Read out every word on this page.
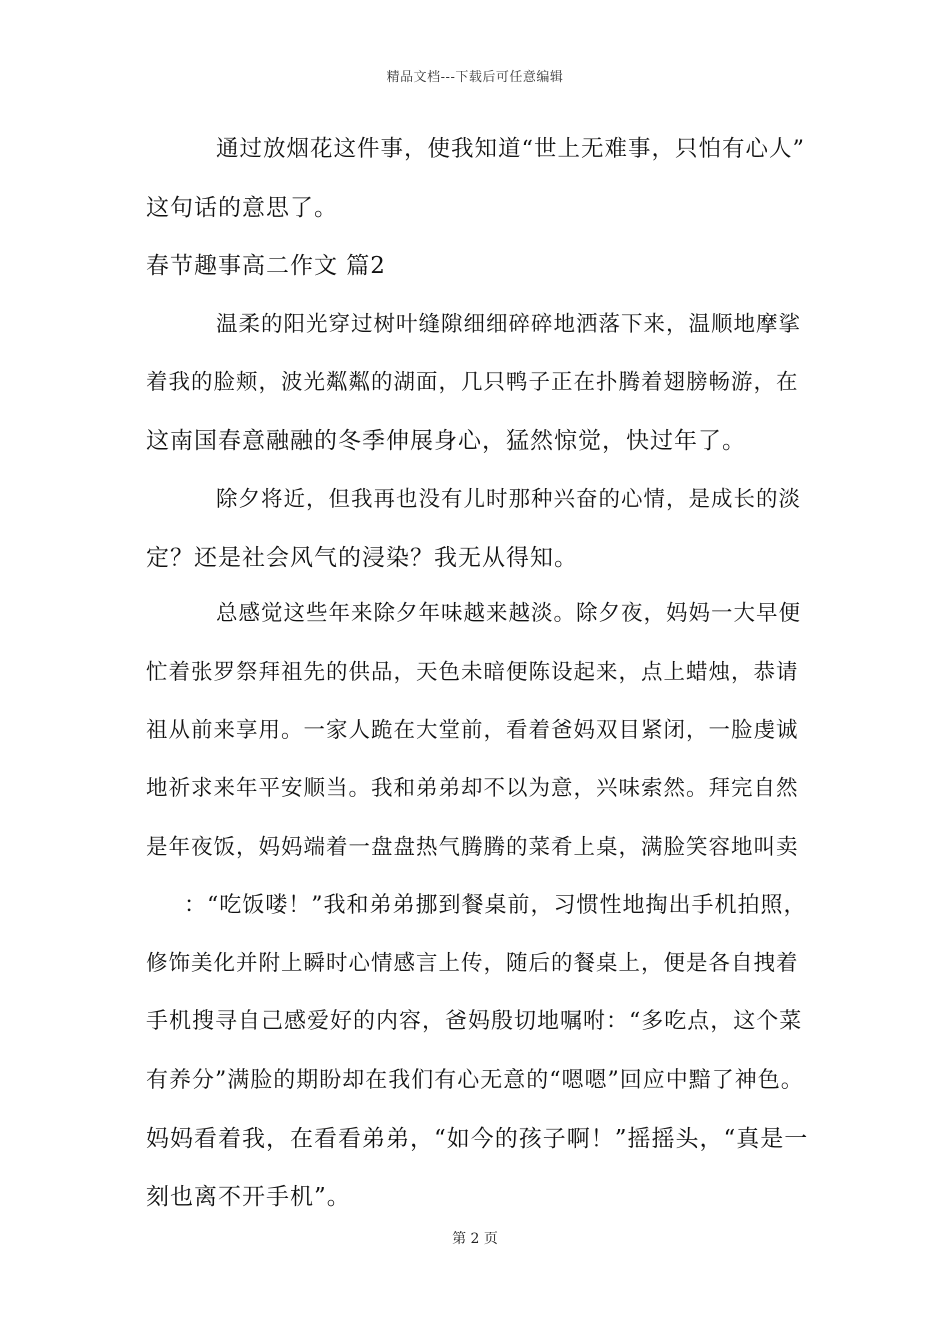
精品文档---下载后可任意编辑
通过放烟花这件事，使我知道“世上无难事，只怕有心人”
这句话的意思了。
春节趣事高二作文 篇2
温柔的阳光穿过树叶缝隙细细碎碎地洒落下来，温顺地摩挲
着我的脸颊，波光粼粼的湖面，几只鸭子正在扑腾着翅膀畅游，在
这南国春意融融的冬季伸展身心，猛然惊觉，快过年了。
除夕将近，但我再也没有儿时那种兴奋的心情，是成长的淡
定？还是社会风气的浸染？我无从得知。
总感觉这些年来除夕年味越来越淡。除夕夜，妈妈一大早便
忙着张罗祭拜祖先的供品，天色未暗便陈设起来，点上蜡烛，恭请
祖从前来享用。一家人跪在大堂前，看着爸妈双目紧闭，一脸虔诚
地祈求来年平安顺当。我和弟弟却不以为意，兴味索然。拜完自然
是年夜饭，妈妈端着一盘盘热气腾腾的菜肴上桌，满脸笑容地叫卖
：“吃饭喽！”我和弟弟挪到餐桌前，习惯性地掏出手机拍照，
修饰美化并附上瞬时心情感言上传，随后的餐桌上，便是各自拽着
手机搜寻自己感爱好的内容，爸妈殷切地嘱咐：“多吃点，这个菜
有养分”满脸的期盼却在我们有心无意的“嗯嗯”回应中黯了神色。
妈妈看着我，在看看弟弟，“如今的孩子啊！”摇摇头，“真是一
刻也离不开手机”。
第 2 页
